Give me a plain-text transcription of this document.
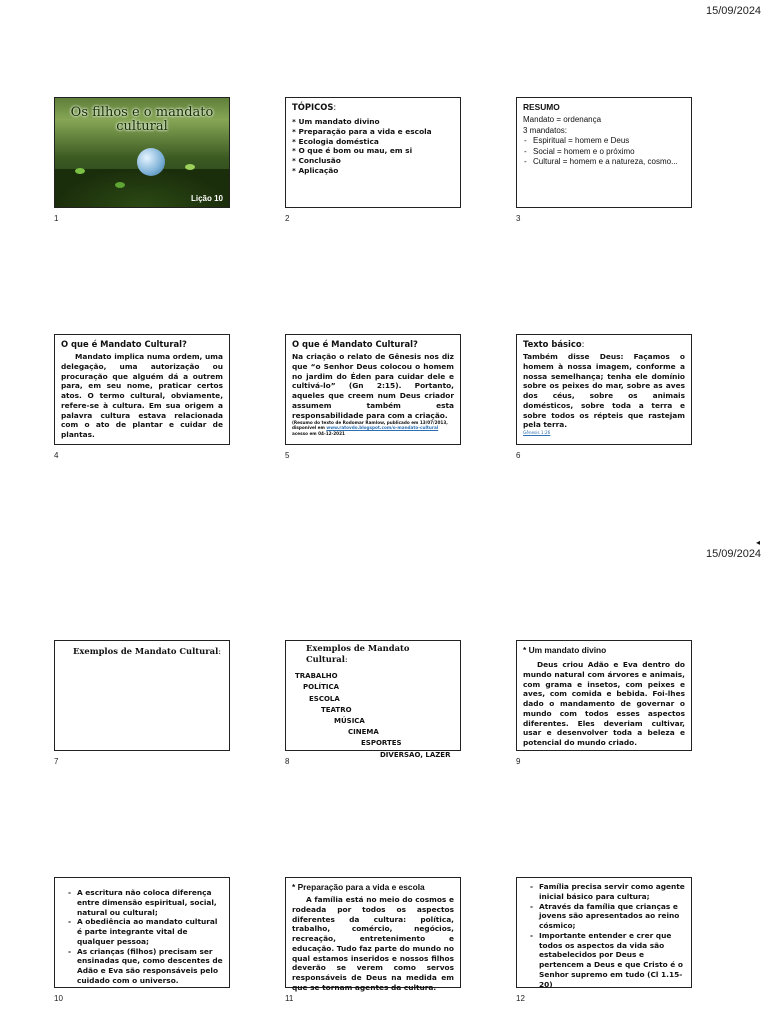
15/09/2024
◂
15/09/2024
Os filhos e o mandato
cultural
Lição 10
1
TÓPICOS:
* Um mandato divino
* Preparação para a vida e escola
* Ecologia doméstica
* O que é bom ou mau, em si
* Conclusão
* Aplicação
2
RESUMO
Mandato = ordenança
3 mandatos:
- Espiritual = homem e Deus
- Social = homem e o próximo
- Cultural = homem e a natureza, cosmo...
3
O que é Mandato Cultural?
Mandato implica numa ordem, uma delegação, uma autorização ou procuração que alguém dá a outrem para, em seu nome, praticar certos atos. O termo cultural, obviamente, refere-se à cultura. Em sua origem a palavra cultura estava relacionada com o ato de plantar e cuidar de plantas.
4
O que é Mandato Cultural?
Na criação o relato de Gênesis nos diz que “o Senhor Deus colocou o homem no jardim do Éden para cuidar dele e cultivá-lo” (Gn 2:15). Portanto, aqueles que creem num Deus criador assumem também esta responsabilidade para com a criação.
(Resumo do texto de Rodomar Ramlow, publicado em 13/07/2013, disponível em www.ratovdo.blogspot.com/o-mandato-cultural acesso em 04-12-2021
5
Texto básico:
Também disse Deus: Façamos o homem à nossa imagem, conforme a nossa semelhança; tenha ele domínio sobre os peixes do mar, sobre as aves dos céus, sobre os animais domésticos, sobre toda a terra e sobre todos os répteis que rastejam pela terra.
Gênesis 1:26
6
Exemplos de Mandato Cultural:
7
Exemplos de Mandato Cultural:
TRABALHO
POLÍTICA
ESCOLA
TEATRO
MÚSICA
CINEMA
ESPORTES
DIVERSÃO, LAZER
8
* Um mandato divino
Deus criou Adão e Eva dentro do mundo natural com árvores e animais, com grama e insetos, com peixes e aves, com comida e bebida. Foi-lhes dado o mandamento de governar o mundo com todos esses aspectos diferentes. Eles deveriam cultivar, usar e desenvolver toda a beleza e potencial do mundo criado.
9
- A escritura não coloca diferença entre dimensão espiritual, social, natural ou cultural;
- A obediência ao mandato cultural é parte integrante vital de qualquer pessoa;
- As crianças (filhos) precisam ser ensinadas que, como descentes de Adão e Eva são responsáveis pelo cuidado com o universo.
10
* Preparação para a vida e escola
A família está no meio do cosmos e rodeada por todos os aspectos diferentes da cultura: política, trabalho, comércio, negócios, recreação, entretenimento e educação. Tudo faz parte do mundo no qual estamos inseridos e nossos filhos deverão se verem como servos responsáveis de Deus na medida em que se tornam agentes da cultura.
11
- Família precisa servir como agente inicial básico para cultura;
- Através da família que crianças e jovens são apresentados ao reino cósmico;
- Importante entender e crer que todos os aspectos da vida são estabelecidos por Deus e pertencem a Deus e que Cristo é o Senhor supremo em tudo (Cl 1.15-20)
12
